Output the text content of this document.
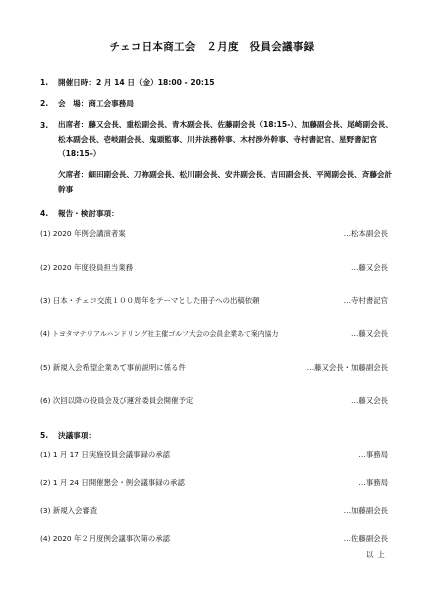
チェコ日本商工会　２月度　役員会議事録
1. 開催日時：2 月 14 日（金）18:00 - 20:15
2. 会　場：商工会事務局
3.	出席者：藤又会長、重松副会長、青木副会長、佐藤副会長（18:15-）、加藤副会長、尾崎副会長、松本副会長、壱岐副会長、鬼頭監事、川井法務幹事、木村渉外幹事、寺村書記官、星野書記官（18:15-）
欠席者：細田副会長、刀祢副会長、松川副会長、安井副会長、吉田副会長、平岡副会長、斉藤会計幹事
4. 報告・検討事項：
(1) 2020 年例会講演者案	…松本副会長
(2) 2020 年度役員担当業務	…藤又会長
(3) 日本・チェコ交流１００周年をテーマとした冊子への出稿依頼	…寺村書記官
(4) トヨタマテリアルハンドリング社主催ゴルフ大会の会員企業あて案内協力	…藤又会長
(5) 新規入会希望企業あて事前説明に係る件	…藤又会長・加藤副会長
(6) 次回以降の役員会及び運営委員会開催予定	…藤又会長
5. 決議事項：
(1) 1 月 17 日実施役員会議事録の承認	…事務局
(2) 1 月 24 日開催懇会・例会議事録の承認	…事務局
(3) 新規入会審査	…加藤副会長
(4) 2020 年２月度例会議事次第の承認	…佐藤副会長
以上
